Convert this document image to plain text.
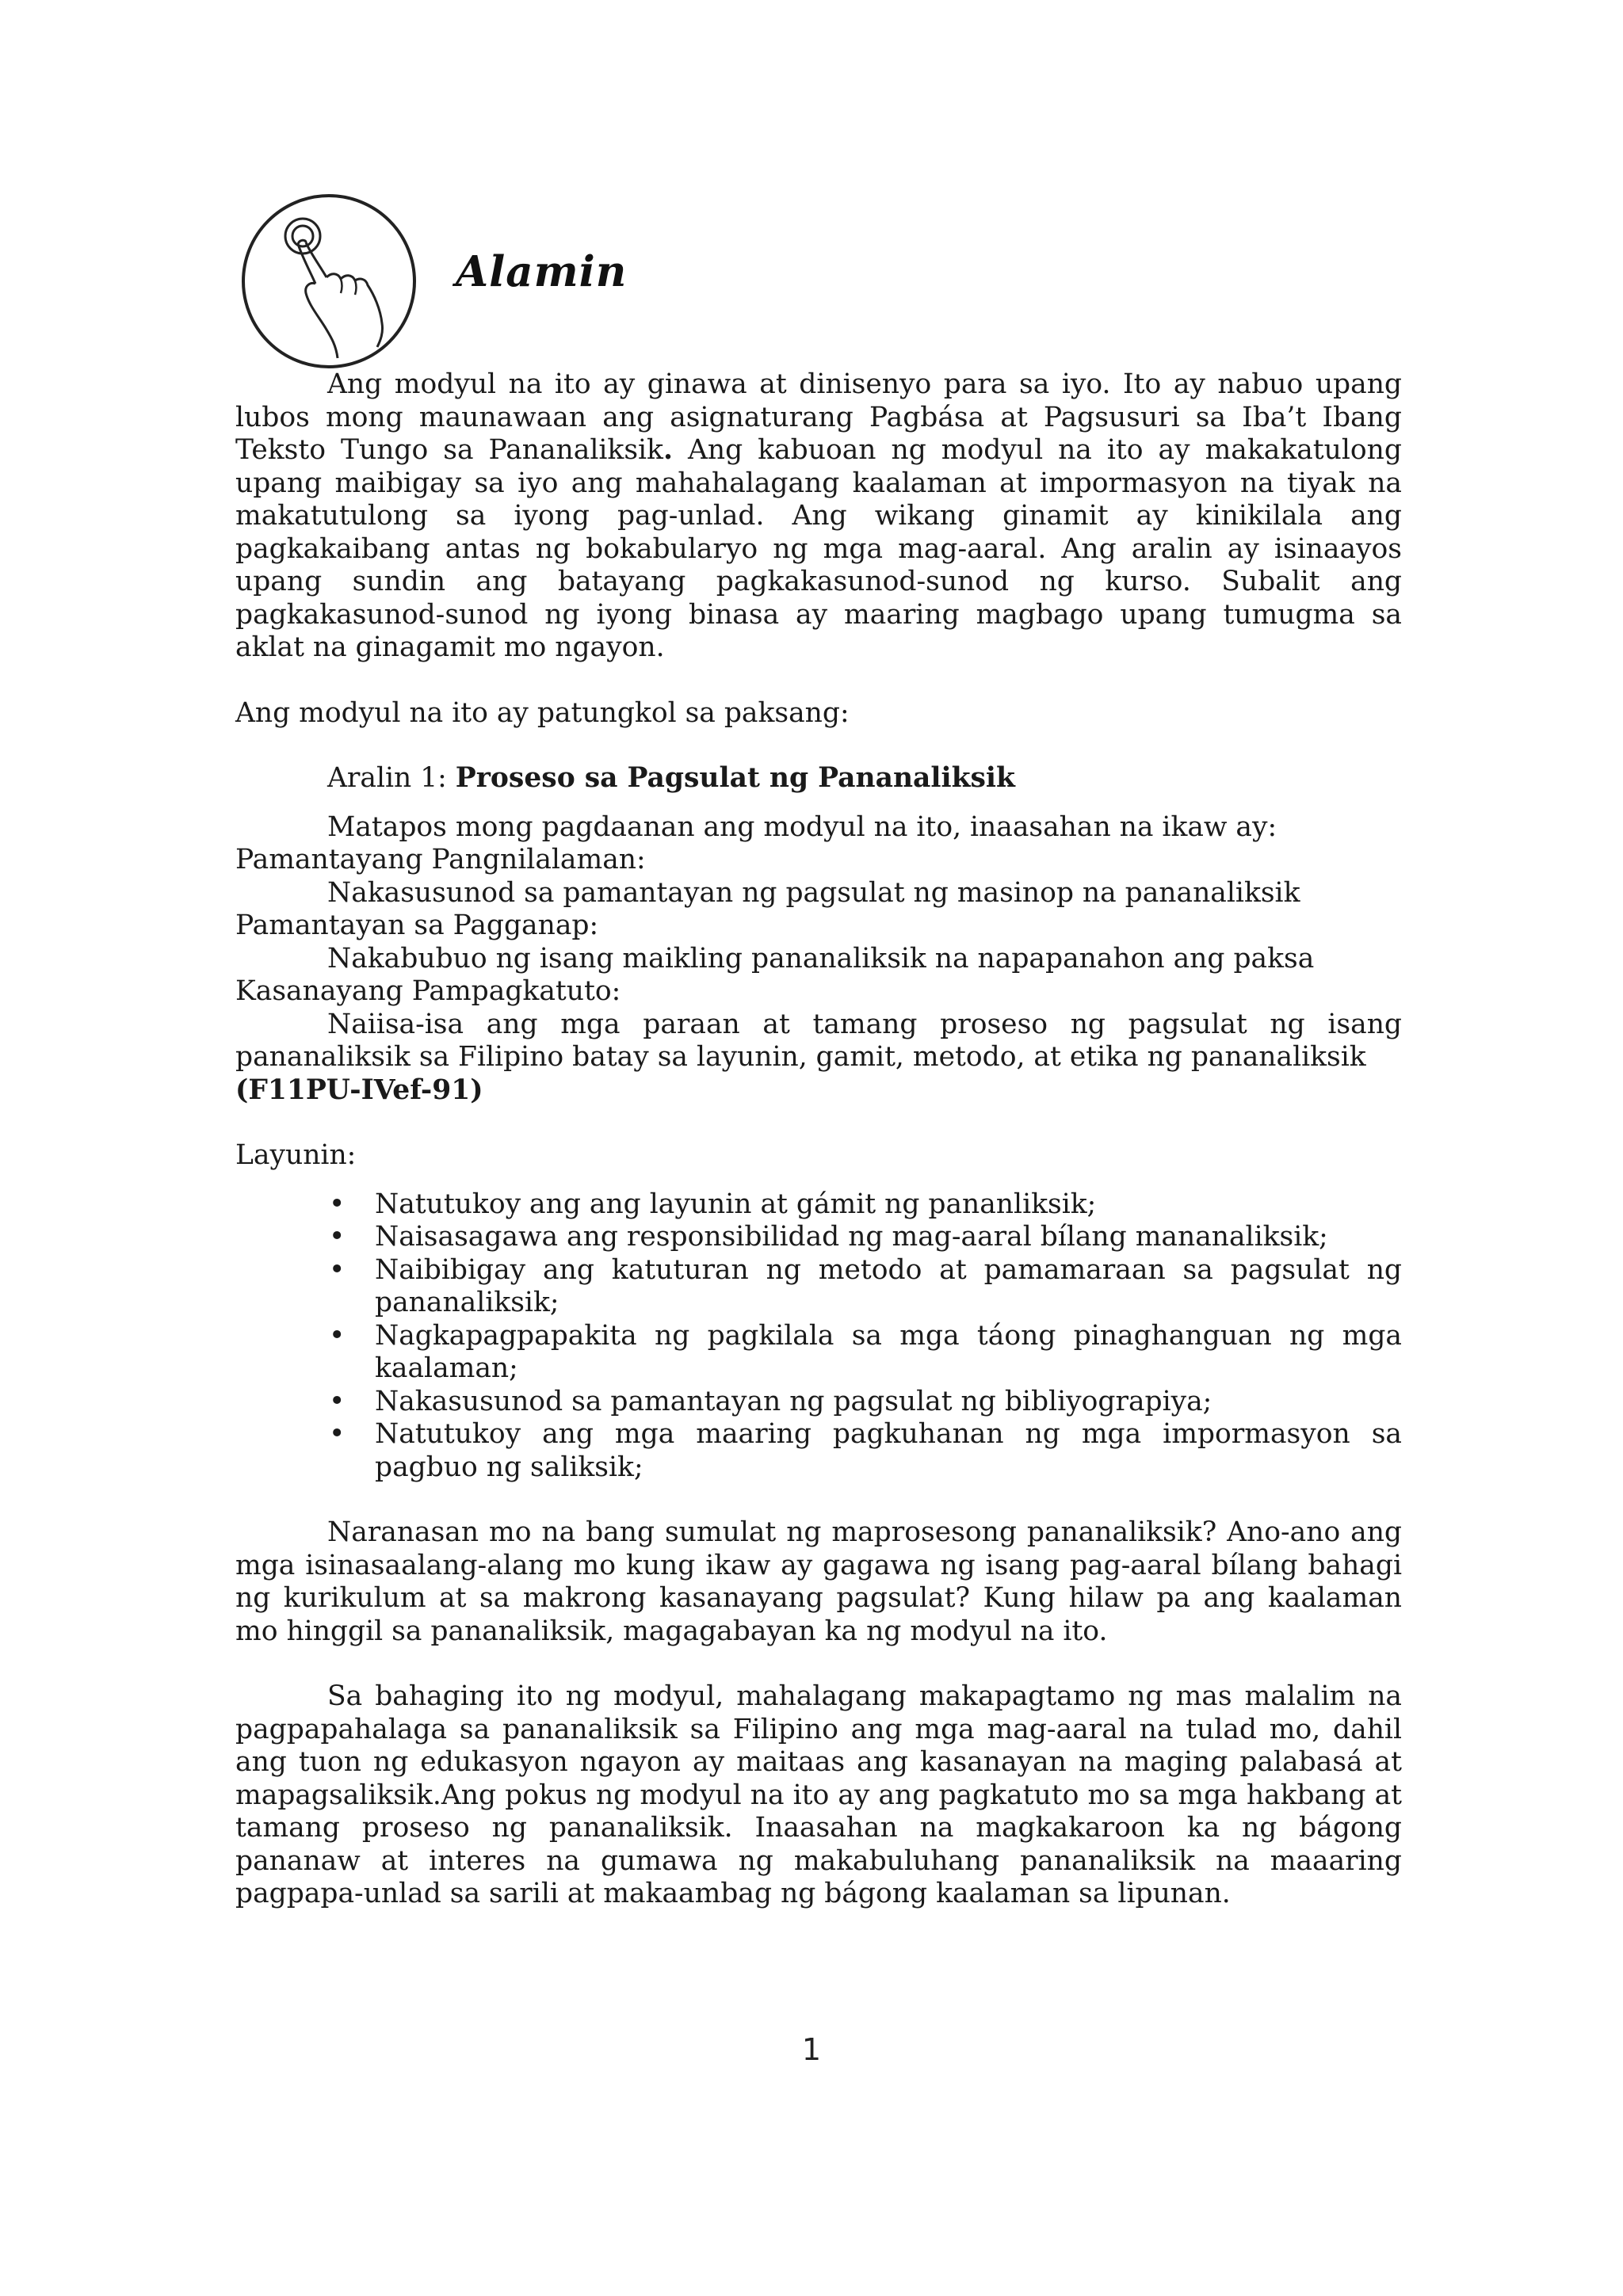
Alamin

Ang modyul na ito ay ginawa at dinisenyo para sa iyo. Ito ay nabuo upang lubos mong maunawaan ang asignaturang Pagbása at Pagsusuri sa Iba’t Ibang Teksto Tungo sa Pananaliksik. Ang kabuoan ng modyul na ito ay makakatulong upang maibigay sa iyo ang mahahalagang kaalaman at impormasyon na tiyak na makatutulong sa iyong pag-unlad. Ang wikang ginamit ay kinikilala ang pagkakaibang antas ng bokabularyo ng mga mag-aaral. Ang aralin ay isinaayos upang sundin ang batayang pagkakasunod-sunod ng kurso. Subalit ang pagkakasunod-sunod ng iyong binasa ay maaring magbago upang tumugma sa aklat na ginagamit mo ngayon.

Ang modyul na ito ay patungkol sa paksang:

Aralin 1: Proseso sa Pagsulat ng Pananaliksik

Matapos mong pagdaanan ang modyul na ito, inaasahan na ikaw ay:

Pamantayang Pangnilalaman:

Nakasusunod sa pamantayan ng pagsulat ng masinop na pananaliksik

Pamantayan sa Pagganap:

Nakabubuo ng isang maikling pananaliksik na napapanahon ang paksa

Kasanayang Pampagkatuto:

Naiisa-isa ang mga paraan at tamang proseso ng pagsulat ng isang pananaliksik sa Filipino batay sa layunin, gamit, metodo, at etika ng pananaliksik

(F11PU-IVef-91)

Layunin:

• Natutukoy ang ang layunin at gámit ng pananliksik;
• Naisasagawa ang responsibilidad ng mag-aaral bílang mananaliksik;
• Naibibigay ang katuturan ng metodo at pamamaraan sa pagsulat ng pananaliksik;
• Nagkapagpapakita ng pagkilala sa mga táong pinaghanguan ng mga kaalaman;
• Nakasusunod sa pamantayan ng pagsulat ng bibliyograpiya;
• Natutukoy ang mga maaring pagkuhanan ng mga impormasyon sa pagbuo ng saliksik;

Naranasan mo na bang sumulat ng maprosesong pananaliksik? Ano-ano ang mga isinasaalang-alang mo kung ikaw ay gagawa ng isang pag-aaral bílang bahagi ng kurikulum at sa makrong kasanayang pagsulat? Kung hilaw pa ang kaalaman mo hinggil sa pananaliksik, magagabayan ka ng modyul na ito.

Sa bahaging ito ng modyul, mahalagang makapagtamo ng mas malalim na pagpapahalaga sa pananaliksik sa Filipino ang mga mag-aaral na tulad mo, dahil ang tuon ng edukasyon ngayon ay maitaas ang kasanayan na maging palabasá at mapagsaliksik.Ang pokus ng modyul na ito ay ang pagkatuto mo sa mga hakbang at tamang proseso ng pananaliksik. Inaasahan na magkakaroon ka ng bágong pananaw at interes na gumawa ng makabuluhang pananaliksik na maaaring pagpapa-unlad sa sarili at makaambag ng bágong kaalaman sa lipunan.

1
